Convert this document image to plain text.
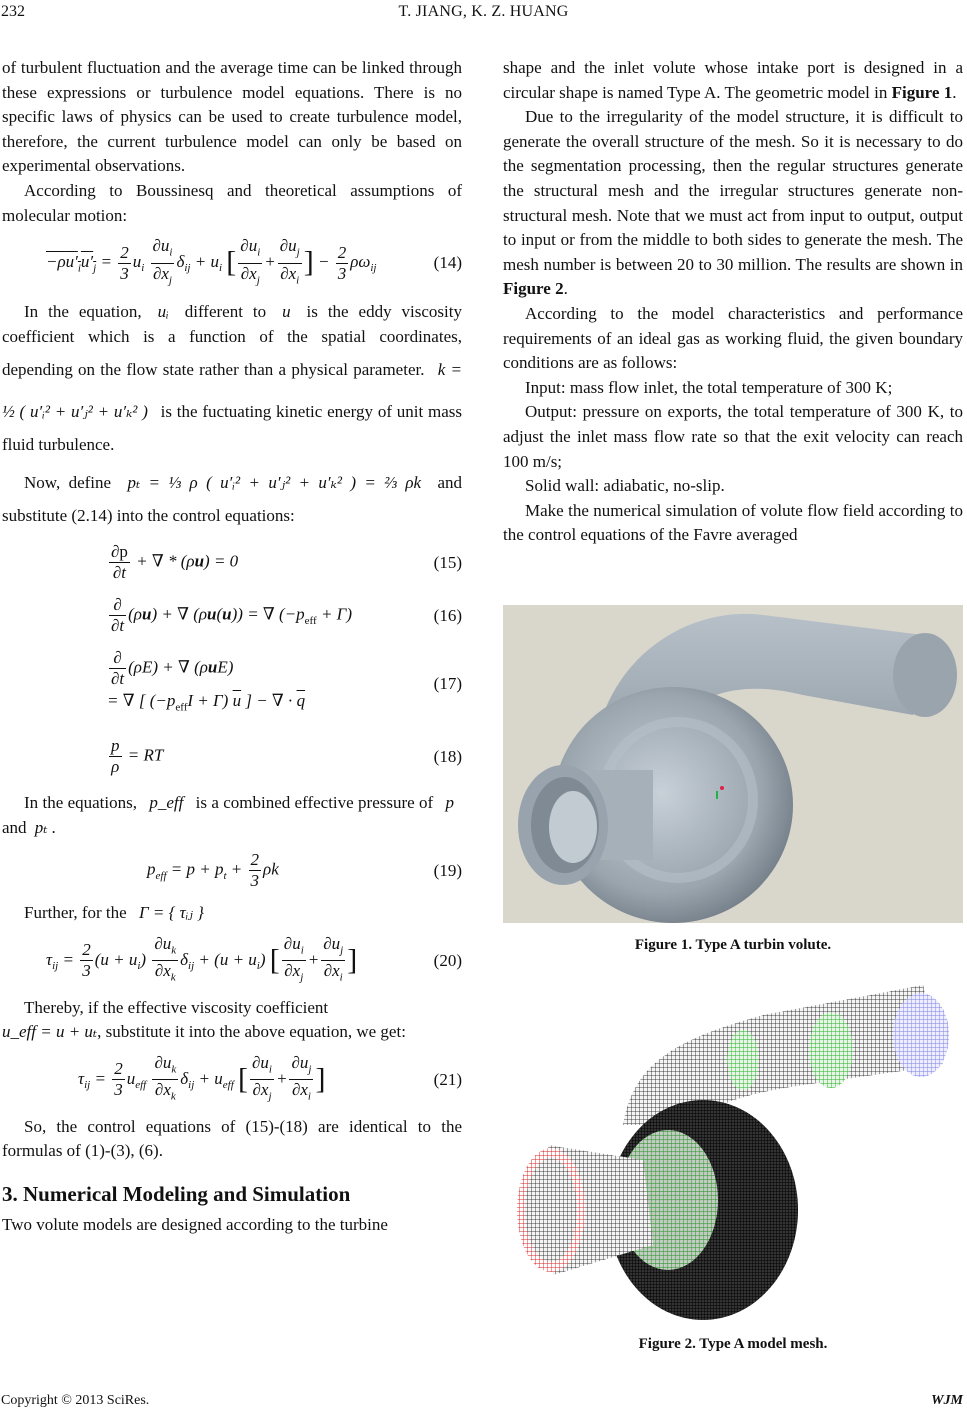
232	T. JIANG, K. Z. HUANG

of turbulent fluctuation and the average time can be linked through these expressions or turbulence model equations. There is no specific laws of physics can be used to create turbulence model, therefore, the current turbulence model can only be based on experimental observations.

According to Boussinesq and theoretical assumptions of molecular motion:

$-\rho u'_iu'_j = \frac{2}{3} u_i \frac{\partial u_i}{\partial x_j} \delta_{ij} + u_i$ [ $\frac{\partial u_i}{\partial x_j} + \frac{\partial u_j}{\partial x_i}$ ] − $\frac{2}{3} \rho\omega_{ij}$	(14)

In the equation, uᵢ different to u is the eddy viscosity coefficient which is a function of the spatial coordinates, depending on the flow state rather than a physical parameter. k = ½ ( u′ᵢ² + u′ⱼ² + u′ₖ² ) is the fuctuating kinetic energy of unit mass fluid turbulence.

Now, define pₜ = ⅓ ρ ( u′ᵢ² + u′ⱼ² + u′ₖ² ) = ⅔ ρk and substitute (2.14) into the control equations:

$\frac{\partial p}{\partial t}$ + ∇ * (ρu) = 0	(15)
$\frac{\partial}{\partial t} (\rho u)$ + ∇ (ρu(u)) = ∇ $(-p_{eff} + \Gamma)$	(16)
$\frac{\partial}{\partial t} (\rho E)$ + ∇ (ρuE)
= ∇ [ $(-p_{eff}I + \Gamma)$ $\overline{u}$ ] − ∇ · $\overline{q}$
(17)
$\frac{p}{\rho}$ = RT	(18)

In the equations, p_eff is a combined effective pressure of p and pₜ .

$p_{eff} = p + p_t + \frac{2}{3}$ ρk	(19)

Further, for the Γ = { τᵢⱼ }

$\tau_{ij} = \frac{2}{3} (u + u_i) \frac{\partial u_k}{\partial x_k} \delta_{ij} + (u + u_i)$ [ $\frac{\partial u_i}{\partial x_j} + \frac{\partial u_j}{\partial x_i}$ ]	(20)

Thereby, if the effective viscosity coefficient

u_eff = u + uₜ, substitute it into the above equation, we get:

$\tau_{ij} = \frac{2}{3} u_{eff} \frac{\partial u_k}{\partial x_k} \delta_{ij} + u_{eff}$ [ $\frac{\partial u_i}{\partial x_j} + \frac{\partial u_j}{\partial x_i}$ ]	(21)

So, the control equations of (15)-(18) are identical to the formulas of (1)-(3), (6).

3. Numerical Modeling and Simulation

Two volute models are designed according to the turbine

shape and the inlet volute whose intake port is designed in a circular shape is named Type A. The geometric model in Figure 1.

Due to the irregularity of the model structure, it is difficult to generate the overall structure of the mesh. So it is necessary to do the segmentation processing, then the regular structures generate the structural mesh and the irregular structures generate non-structural mesh. Note that we must act from input to output, output to input or from the middle to both sides to generate the mesh. The mesh number is between 20 to 30 million. The results are shown in Figure 2.

According to the model characteristics and performance requirements of an ideal gas as working fluid, the given boundary conditions are as follows:

Input: mass flow inlet, the total temperature of 300 K;

Output: pressure on exports, the total temperature of 300 K, to adjust the inlet mass flow rate so that the exit velocity can reach 100 m/s;

Solid wall: adiabatic, no-slip.

Make the numerical simulation of volute flow field according to the control equations of the Favre averaged

Figure 1. Type A turbin volute.
Figure 2. Type A model mesh.
Copyright © 2013 SciRes.	WJM
